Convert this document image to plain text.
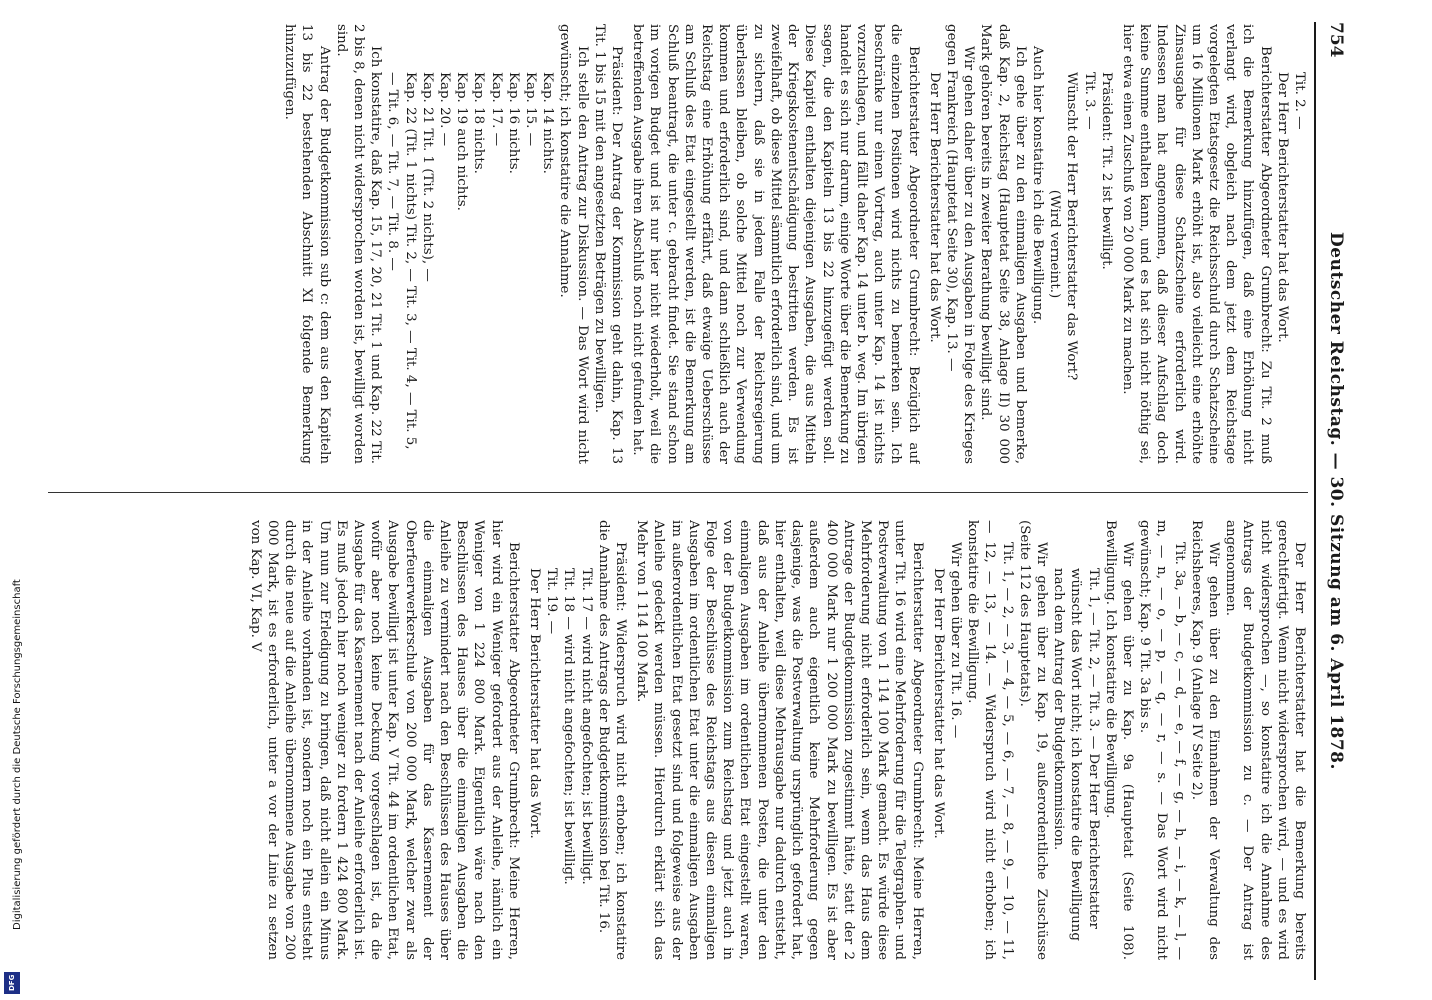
754
Deutscher Reichstag. — 30. Sitzung am 6. April 1878.

Tit. 2. —

Der Herr Berichterstatter hat das Wort.

Berichterstatter Abgeordneter Grumbrecht: Zu Tit. 2 muß ich die Bemerkung hinzufügen, daß eine Erhöhung nicht verlangt wird, obgleich nach dem jetzt dem Reichstage vorgelegten Etatsgesetz die Reichsschuld durch Schatzscheine um 16 Millionen Mark erhöht ist, also vielleicht eine erhöhte Zinsausgabe für diese Schatzscheine erforderlich wird. Indessen man hat angenommen, daß dieser Aufschlag doch keine Summe enthalten kann, und es hat sich nicht nöthig sei, hier etwa einen Zuschuß von 20 000 Mark zu machen.

Präsident: Tit. 2 ist bewilligt.

Tit. 3. —

Wünscht der Herr Berichterstatter das Wort?

(Wird verneint.)

Auch hier konstatire ich die Bewilligung.

Ich gehe über zu den einmaligen Ausgaben und bemerke, daß Kap. 2, Reichstag (Hauptetat Seite 38, Anlage II) 30 000 Mark gehören bereits in zweiter Berathung bewilligt sind.

Wir gehen daher über zu den Ausgaben in Folge des Krieges gegen Frankreich (Hauptetat Seite 30), Kap. 13. —

Der Herr Berichterstatter hat das Wort.

Berichterstatter Abgeordneter Grumbrecht: Bezüglich auf die einzelnen Positionen wird nichts zu bemerken sein. Ich beschränke nur einen Vortrag, auch unter Kap. 14 ist nichts vorzuschlagen, und fällt daher Kap. 14 unter b. weg. Im übrigen handelt es sich nur darum, einige Worte über die Bemerkung zu sagen, die den Kapiteln 13 bis 22 hinzugefügt werden soll. Diese Kapitel enthalten diejenigen Ausgaben, die aus Mitteln der Kriegskostenentschädigung bestritten werden. Es ist zweifelhaft, ob diese Mittel sämmtlich erforderlich sind, und um zu sichern, daß sie in jedem Falle der Reichsregierung überlassen bleiben, ob solche Mittel noch zur Verwendung kommen und erforderlich sind, und dann schließlich auch der Reichstag eine Erhöhung erfährt, daß etwaige Ueberschüsse am Schluß des Etat eingestellt werden, ist die Bemerkung am Schluß beantragt, die unter c. gebracht findet. Sie stand schon im vorigen Budget und ist nur hier nicht wiederholt, weil die betreffenden Ausgabe ihren Abschluß noch nicht gefunden hat.

Präsident: Der Antrag der Kommission geht dahin, Kap. 13 Tit. 1 bis 15 mit den angesetzten Beträgen zu bewilligen.

Ich stelle den Antrag zur Diskussion. — Das Wort wird nicht gewünscht; ich konstatire die Annahme.

Kap. 14 nichts.

Kap. 15. —

Kap. 16 nichts.

Kap. 17. —

Kap. 18 nichts.

Kap. 19 auch nichts.

Kap. 20. —

Kap. 21 Tit. 1 (Tit. 2 nichts), —

Kap. 22 (Tit. 1 nichts) Tit. 2, — Tit. 3, — Tit. 4, — Tit. 5, — Tit. 6, — Tit. 7, — Tit. 8. —

Ich konstatire, daß Kap. 15, 17, 20, 21 Tit. 1 und Kap. 22 Tit. 2 bis 8, denen nicht widersprochen worden ist, bewilligt worden sind.

Antrag der Budgetkommission sub c: dem aus den Kapiteln 13 bis 22 bestehenden Abschnitt XI folgende Bemerkung hinzuzufügen.

Der Herr Berichterstatter hat die Bemerkung bereits gerechtfertigt. Wenn nicht widersprochen wird, — und es wird nicht widersprochen —, so konstatire ich die Annahme des Antrags der Budgetkommission zu c. — Der Antrag ist angenommen.

Wir gehen über zu den Einnahmen der Verwaltung des Reichsheeres, Kap. 9 (Anlage IV Seite 2).

Tit. 3a, — b, — c, — d, — e, — f, — g, — h, — i, — k, — l, — m, — n, — o, — p, — q, — r, — s. — Das Wort wird nicht gewünscht; Kap. 9 Tit. 3a bis s.

Wir gehen über zu Kap. 9a (Hauptetat (Seite 108). Bewilligung. Ich konstatire die Bewilligung.

Tit. 1, — Tit. 2, — Tit. 3. — Der Herr Berichterstatter wünscht das Wort nicht; ich konstatire die Bewilligung nach dem Antrag der Budgetkommission.

Wir gehen über zu Kap. 19, außerordentliche Zuschüsse (Seite 112 des Hauptetats).

Tit. 1, — 2, — 3, — 4, — 5, — 6, — 7, — 8, — 9, — 10, — 11, — 12, — 13, — 14. — Widerspruch wird nicht erhoben; ich konstatire die Bewilligung.

Wir gehen über zu Tit. 16. —

Der Herr Berichterstatter hat das Wort.

Berichterstatter Abgeordneter Grumbrecht: Meine Herren, unter Tit. 16 wird eine Mehrforderung für die Telegraphen- und Postverwaltung von 1 114 100 Mark gemacht. Es würde diese Mehrforderung nicht erforderlich sein, wenn das Haus dem Antrage der Budgetkommission zugestimmt hätte, statt der 2 400 000 Mark nur 1 200 000 Mark zu bewilligen. Es ist aber außerdem auch eigentlich keine Mehrforderung gegen dasjenige, was die Postverwaltung ursprünglich gefordert hat, hier enthalten, weil diese Mehrausgabe nur dadurch entsteht, daß aus der Anleihe übernommenen Posten, die unter den einmaligen Ausgaben im ordentlichen Etat eingestellt waren, von der Budgetkommission zum Reichstag und jetzt auch in Folge der Beschlüsse des Reichstags aus diesen einmaligen Ausgaben im ordentlichen Etat unter die einmaligen Ausgaben im außerordentlichen Etat gesetzt sind und folgeweise aus der Anleihe gedeckt werden müssen. Hierdurch erklärt sich das Mehr von 1 114 100 Mark.

Präsident: Widerspruch wird nicht erhoben; ich konstatire die Annahme des Antrags der Budgetkommission bei Tit. 16.

Tit. 17 — wird nicht angefochten; ist bewilligt.

Tit. 18 — wird nicht angefochten; ist bewilligt.

Tit. 19. —

Der Herr Berichterstatter hat das Wort.

Berichterstatter Abgeordneter Grumbrecht: Meine Herren, hier wird ein Weniger gefordert aus der Anleihe, nämlich ein Weniger von 1 224 800 Mark. Eigentlich wäre nach den Beschlüssen des Hauses über die einmaligen Ausgaben die Anleihe zu vermindert nach den Beschlüssen des Hauses über die einmaligen Ausgaben für das Kasernement der Oberfeuerwerkerschule von 200 000 Mark, welcher zwar als Ausgabe bewilligt ist unter Kap. V Tit. 44 im ordentlichen Etat, wofür aber noch keine Deckung vorgeschlagen ist, da die Ausgabe für das Kasernement nach der Anleihe erforderlich ist. Es muß jedoch hier noch weniger zu fordern 1 424 800 Mark. Um nun zur Erledigung zu bringen, daß nicht allein ein Minus in der Anleihe vorhanden ist, sondern noch ein Plus entsteht durch die neue auf die Anleihe übernommene Ausgabe von 200 000 Mark, ist es erforderlich, unter a vor der Linie zu setzen von Kap. VI, Kap. V

Digitalisierung gefördert durch die Deutsche Forschungsgemeinschaft
DFG
